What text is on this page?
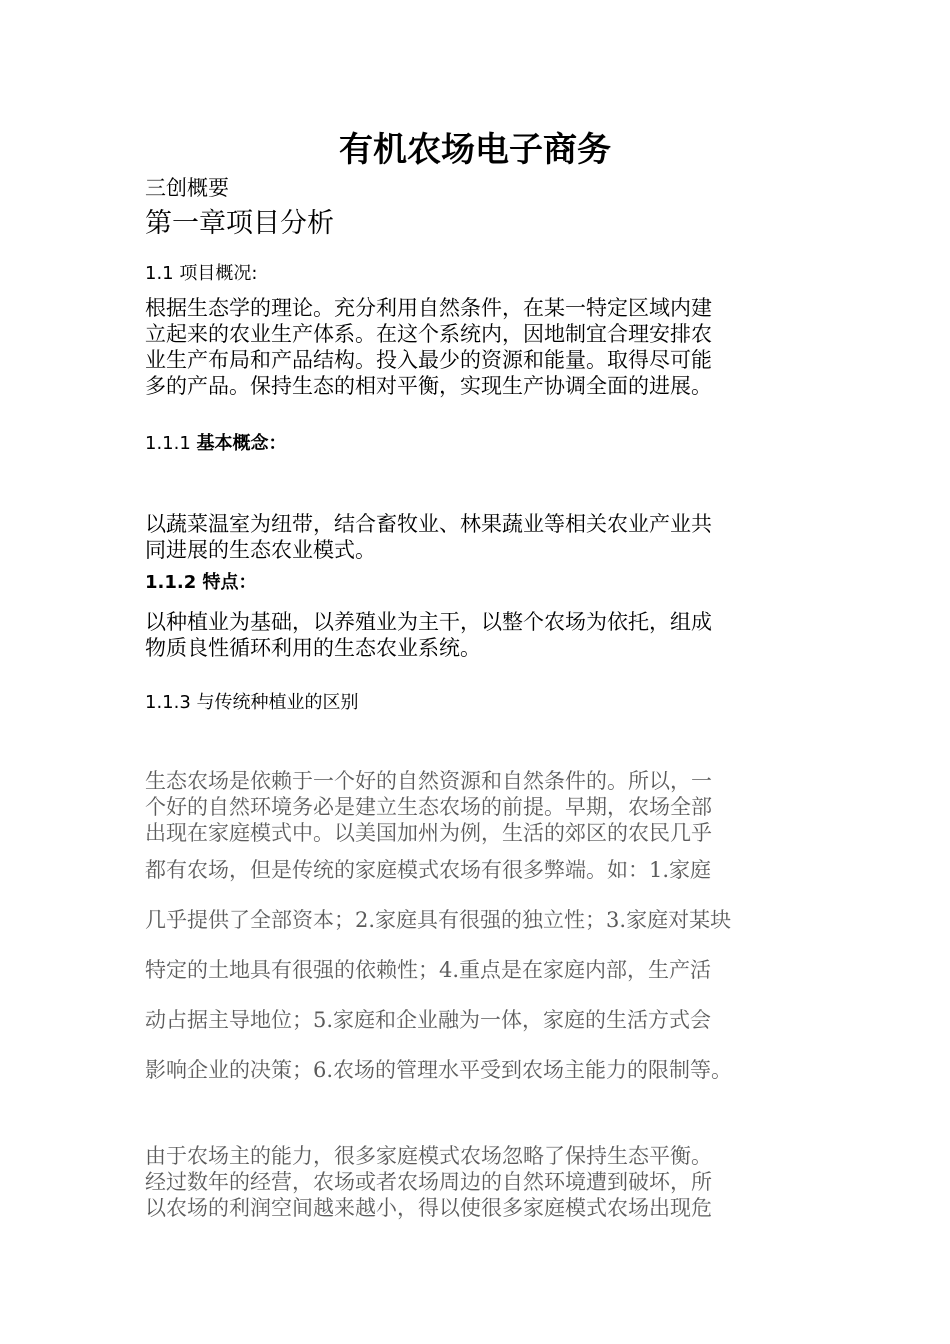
有机农场电子商务
三创概要
第一章项目分析
1.1 项目概况:
根据生态学的理论。充分利用自然条件，在某一特定区域内建
立起来的农业生产体系。在这个系统内，因地制宜合理安排农
业生产布局和产品结构。投入最少的资源和能量。取得尽可能
多的产品。保持生态的相对平衡，实现生产协调全面的进展。
1.1.1 基本概念：
以蔬菜温室为纽带，结合畜牧业、林果蔬业等相关农业产业共
同进展的生态农业模式。
1.1.2 特点：
以种植业为基础，以养殖业为主干，以整个农场为依托，组成
物质良性循环利用的生态农业系统。
1.1.3 与传统种植业的区别
生态农场是依赖于一个好的自然资源和自然条件的。所以，一
个好的自然环境务必是建立生态农场的前提。早期，农场全部
出现在家庭模式中。以美国加州为例，生活的郊区的农民几乎
都有农场，但是传统的家庭模式农场有很多弊端。如：1.家庭
几乎提供了全部资本；2.家庭具有很强的独立性；3.家庭对某块
特定的土地具有很强的依赖性；4.重点是在家庭内部，生产活
动占据主导地位；5.家庭和企业融为一体，家庭的生活方式会
影响企业的决策；6.农场的管理水平受到农场主能力的限制等。
由于农场主的能力，很多家庭模式农场忽略了保持生态平衡。
经过数年的经营，农场或者农场周边的自然环境遭到破坏，所
以农场的利润空间越来越小，得以使很多家庭模式农场出现危
